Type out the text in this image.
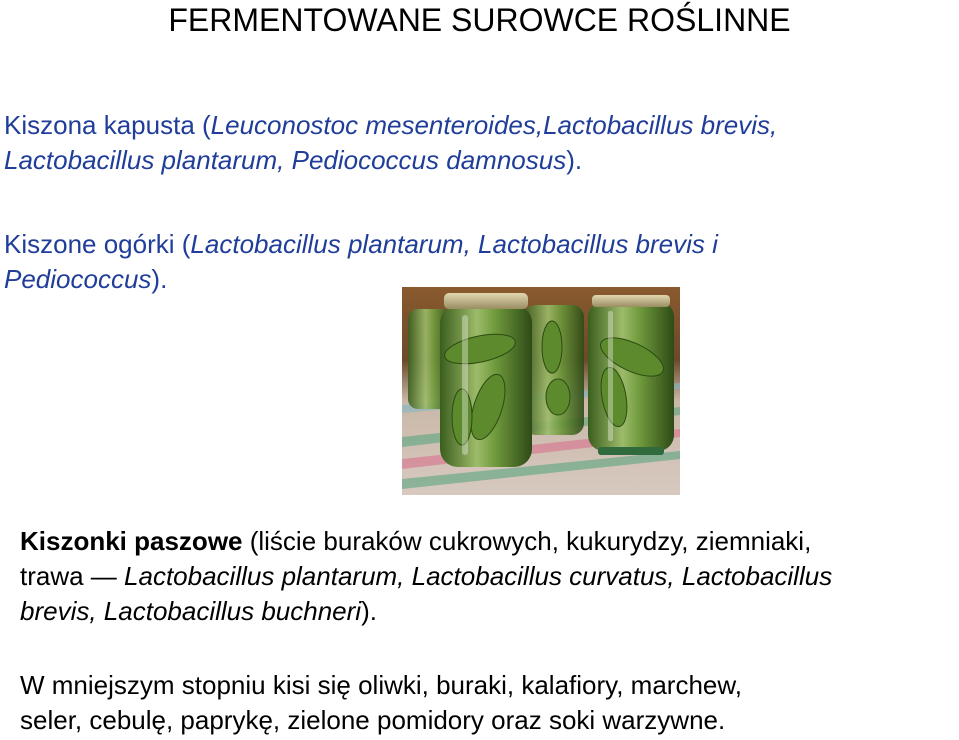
FERMENTOWANE SUROWCE ROŚLINNE
Kiszona kapusta (Leuconostoc mesenteroides,Lactobacillus brevis,
Lactobacillus plantarum, Pediococcus damnosus).
Kiszone ogórki (Lactobacillus plantarum, Lactobacillus brevis i
Pediococcus).
Kiszonki paszowe (liście buraków cukrowych, kukurydzy, ziemniaki,
trawa — Lactobacillus plantarum, Lactobacillus curvatus, Lactobacillus
brevis, Lactobacillus buchneri).
W mniejszym stopniu kisi się oliwki, buraki, kalafiory, marchew,
seler, cebulę, paprykę, zielone pomidory oraz soki warzywne.
